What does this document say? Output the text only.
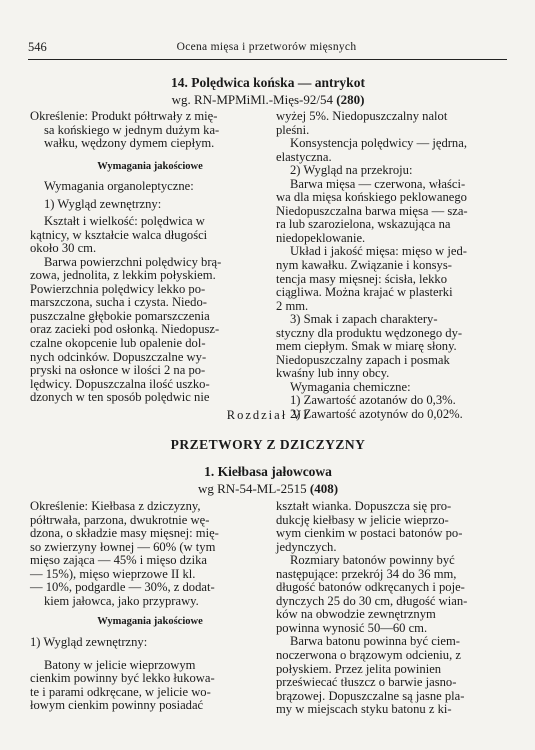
546	Ocena mięsa i przetworów mięsnych
14. Polędwica końska — antrykot
wg. RN-MPMiMl.-Mięs-92/54 (280)

Określenie: Produkt półtrwały z mię-

sa końskiego w jednym dużym ka-

wałku, wędzony dymem ciepłym.

Wymagania jakościowe

Wymagania organoleptyczne:

1) Wygląd zewnętrzny:

Kształt i wielkość: polędwica w

kątnicy, w kształcie walca długości

około 30 cm.

Barwa powierzchni polędwicy brą-

zowa, jednolita, z lekkim połyskiem.

Powierzchnia polędwicy lekko po-

marszczona, sucha i czysta. Niedo-

puszczalne głębokie pomarszczenia

oraz zacieki pod osłonką. Niedopusz-

czalne okopcenie lub opalenie dol-

nych odcinków. Dopuszczalne wy-

pryski na osłonce w ilości 2 na po-

lędwicy. Dopuszczalna ilość uszko-

dzonych w ten sposób polędwic nie

wyżej 5%. Niedopuszczalny nalot

pleśni.

Konsystencja polędwicy — jędrna,

elastyczna.

2) Wygląd na przekroju:

Barwa mięsa — czerwona, właści-

wa dla mięsa końskiego peklowanego

Niedopuszczalna barwa mięsa — sza-

ra lub szarozielona, wskazująca na

niedopeklowanie.

Układ i jakość mięsa: mięso w jed-

nym kawałku. Związanie i konsys-

tencja masy mięsnej: ścisła, lekko

ciągliwa. Można krajać w plasterki

2 mm.

3) Smak i zapach charaktery-

styczny dla produktu wędzonego dy-

mem ciepłym. Smak w miarę słony.

Niedopuszczalny zapach i posmak

kwaśny lub inny obcy.

Wymagania chemiczne:

1) Zawartość azotanów do 0,3%.

2) Zawartość azotynów do 0,02%.

Rozdział VI
PRZETWORY Z DZICZYZNY
1. Kiełbasa jałowcowa
wg RN-54-ML-2515 (408)

Określenie: Kiełbasa z dziczyzny,

półtrwała, parzona, dwukrotnie wę-

dzona, o składzie masy mięsnej: mię-

so zwierzyny łownej — 60% (w tym

mięso zająca — 45% i mięso dzika

— 15%), mięso wieprzowe II kl.

— 10%, podgardle — 30%, z dodat-

kiem jałowca, jako przyprawy.

Wymagania jakościowe

1) Wygląd zewnętrzny:

Batony w jelicie wieprzowym

cienkim powinny być lekko łukowa-

te i parami odkręcane, w jelicie wo-

łowym cienkim powinny posiadać

kształt wianka. Dopuszcza się pro-

dukcję kiełbasy w jelicie wieprzo-

wym cienkim w postaci batonów po-

jedynczych.

Rozmiary batonów powinny być

następujące: przekrój 34 do 36 mm,

długość batonów odkręcanych i poje-

dynczych 25 do 30 cm, długość wian-

ków na obwodzie zewnętrznym

powinna wynosić 50—60 cm.

Barwa batonu powinna być ciem-

noczerwona o brązowym odcieniu, z

połyskiem. Przez jelita powinien

przeświecać tłuszcz o barwie jasno-

brązowej. Dopuszczalne są jasne pla-

my w miejscach styku batonu z ki-
